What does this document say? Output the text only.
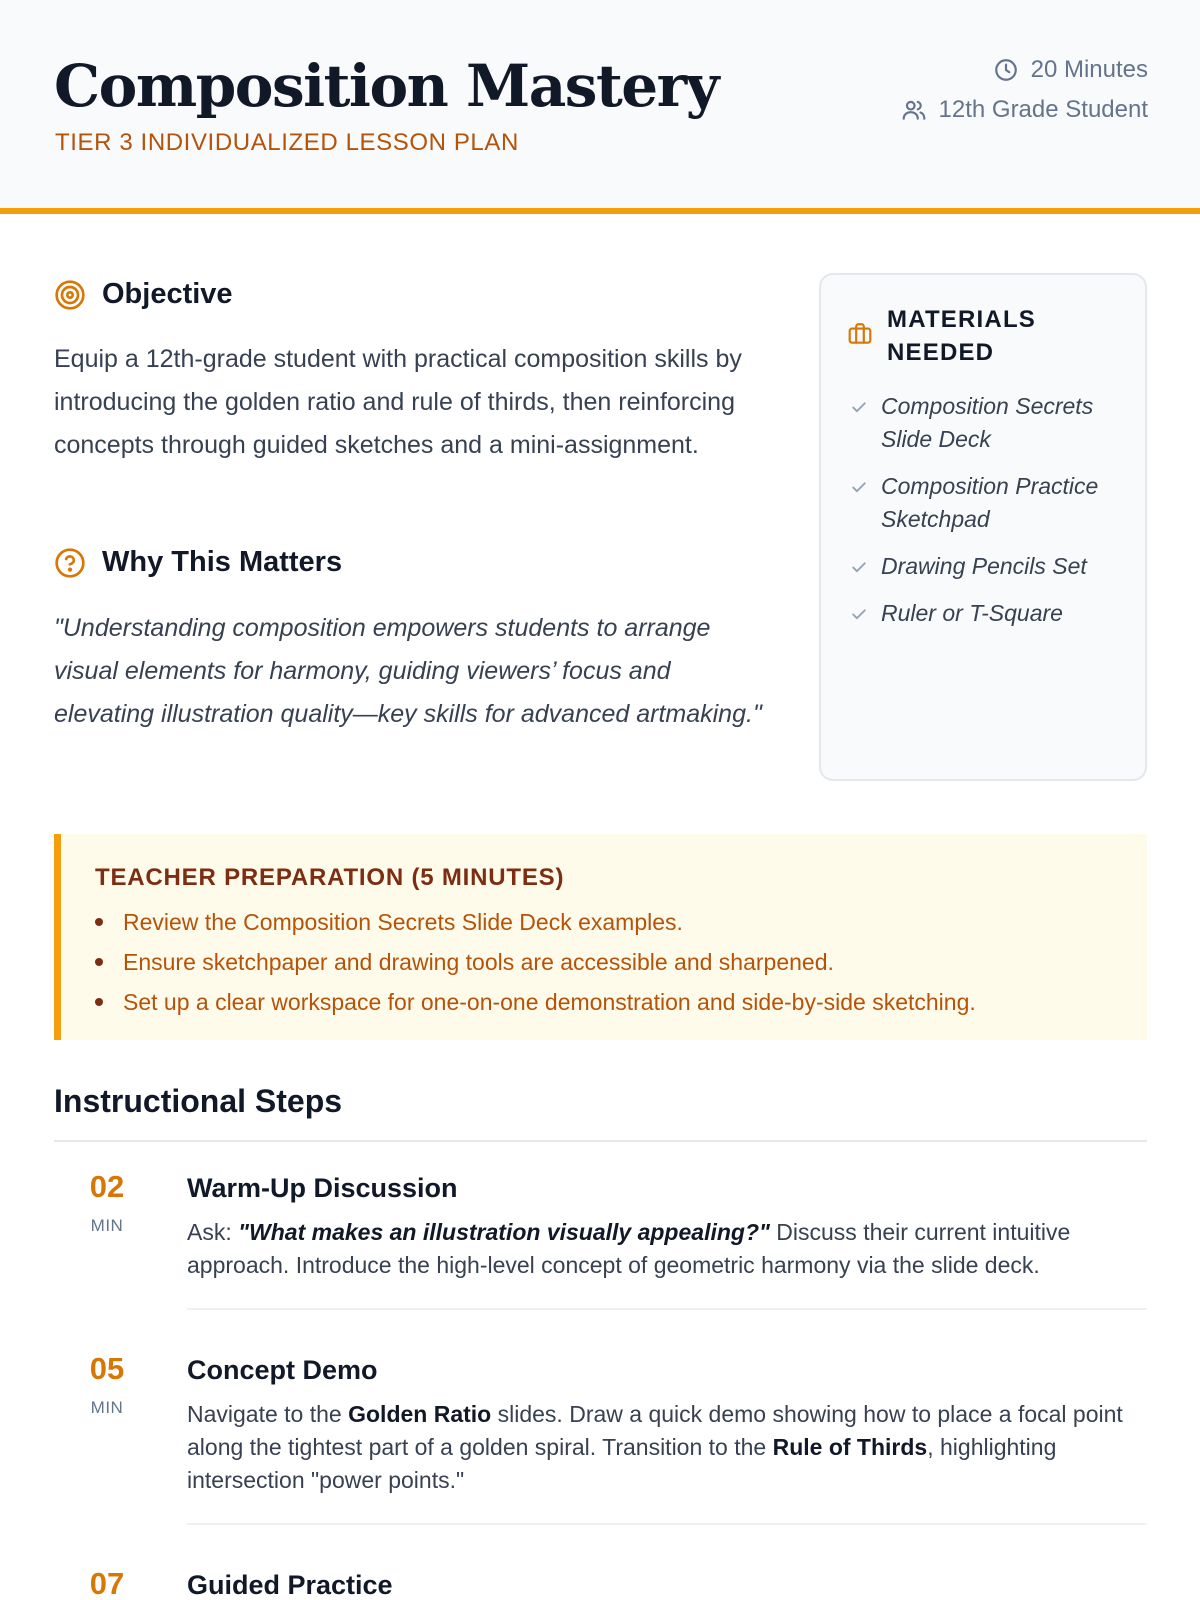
Composition Mastery
TIER 3 INDIVIDUALIZED LESSON PLAN
20 Minutes
12th Grade Student
Objective

Equip a 12th-grade student with practical composition skills by introducing the golden ratio and rule of thirds, then reinforcing concepts through guided sketches and a mini-assignment.

Why This Matters

"Understanding composition empowers students to arrange visual elements for harmony, guiding viewers’ focus and elevating illustration quality—key skills for advanced artmaking."

MATERIALS NEEDED
Composition Secrets Slide Deck
Composition Practice Sketchpad
Drawing Pencils Set
Ruler or T-Square
TEACHER PREPARATION (5 MINUTES)
Review the Composition Secrets Slide Deck examples.
Ensure sketchpaper and drawing tools are accessible and sharpened.
Set up a clear workspace for one-on-one demonstration and side-by-side sketching.
Instructional Steps
02
MIN
Warm-Up Discussion

Ask: "What makes an illustration visually appealing?" Discuss their current intuitive approach. Introduce the high-level concept of geometric harmony via the slide deck.

05
MIN
Concept Demo

Navigate to the Golden Ratio slides. Draw a quick demo showing how to place a focal point along the tightest part of a golden spiral. Transition to the Rule of Thirds, highlighting intersection "power points."

07	Guided Practice
